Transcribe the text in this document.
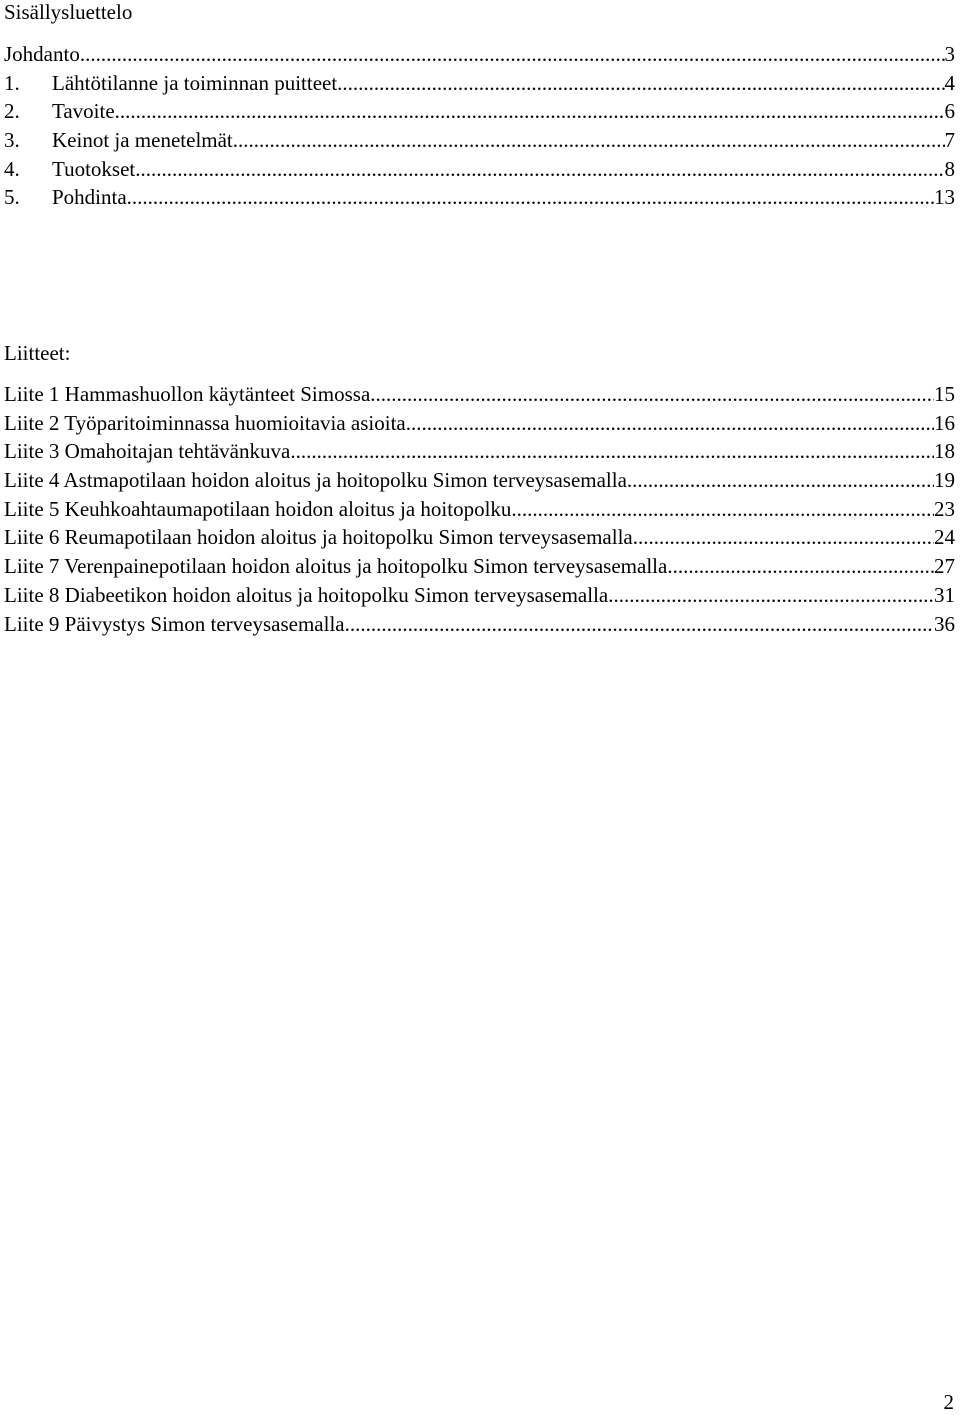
Sisällysluettelo
Johdanto .....	3
1.	Lähtötilanne ja toiminnan puitteet .....	4
2.	Tavoite .....	6
3.	Keinot ja menetelmät .....	7
4.	Tuotokset .....	8
5.	Pohdinta .....	13
Liitteet:
Liite 1 Hammashuollon käytänteet Simossa .....	15
Liite 2 Työparitoiminnassa huomioitavia asioita .....	16
Liite 3 Omahoitajan tehtävänkuva .....	18
Liite 4 Astmapotilaan hoidon aloitus ja hoitopolku Simon terveysasemalla .....	19
Liite 5 Keuhkoahtaumapotilaan hoidon aloitus ja hoitopolku .....	23
Liite 6 Reumapotilaan hoidon aloitus ja hoitopolku Simon terveysasemalla .....	24
Liite 7 Verenpainepotilaan hoidon aloitus ja hoitopolku Simon terveysasemalla .....	27
Liite 8 Diabeetikon hoidon aloitus ja hoitopolku Simon terveysasemalla .....	31
Liite 9 Päivystys Simon terveysasemalla .....	36
2
